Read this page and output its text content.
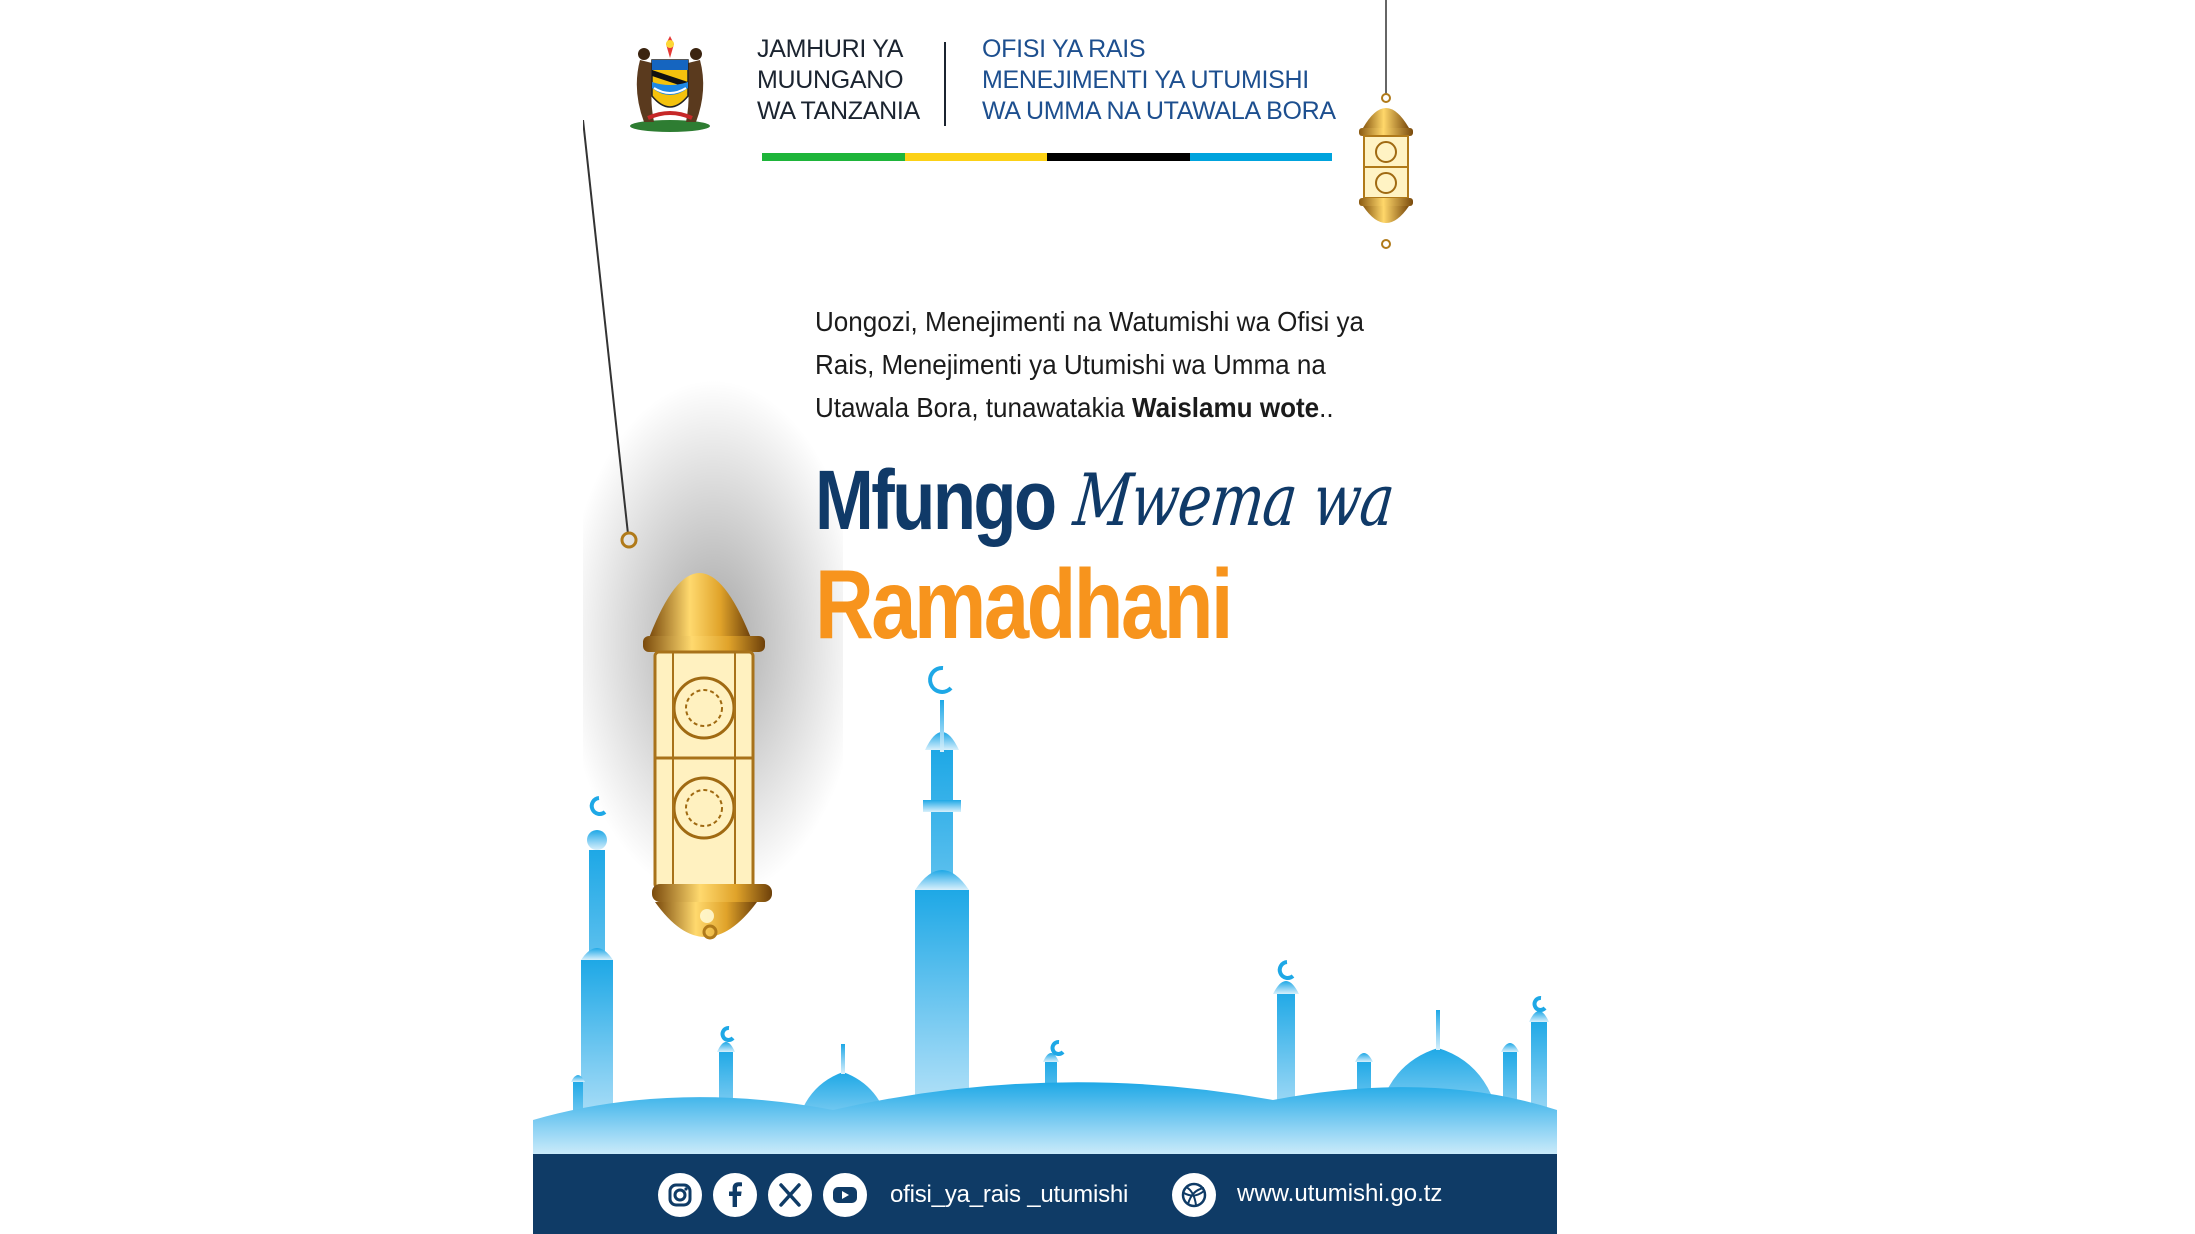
JAMHURI YA
MUUNGANO
WA TANZANIA
OFISI YA RAIS
MENEJIMENTI YA UTUMISHI
WA UMMA NA UTAWALA BORA
Uongozi, Menejimenti na Watumishi wa Ofisi ya Rais, Menejimenti ya Utumishi wa Umma na Utawala Bora, tunawatakia Waislamu wote..
Mfungo Mwema wa
Ramadhani
ofisi_ya_rais _utumishi	www.utumishi.go.tz
